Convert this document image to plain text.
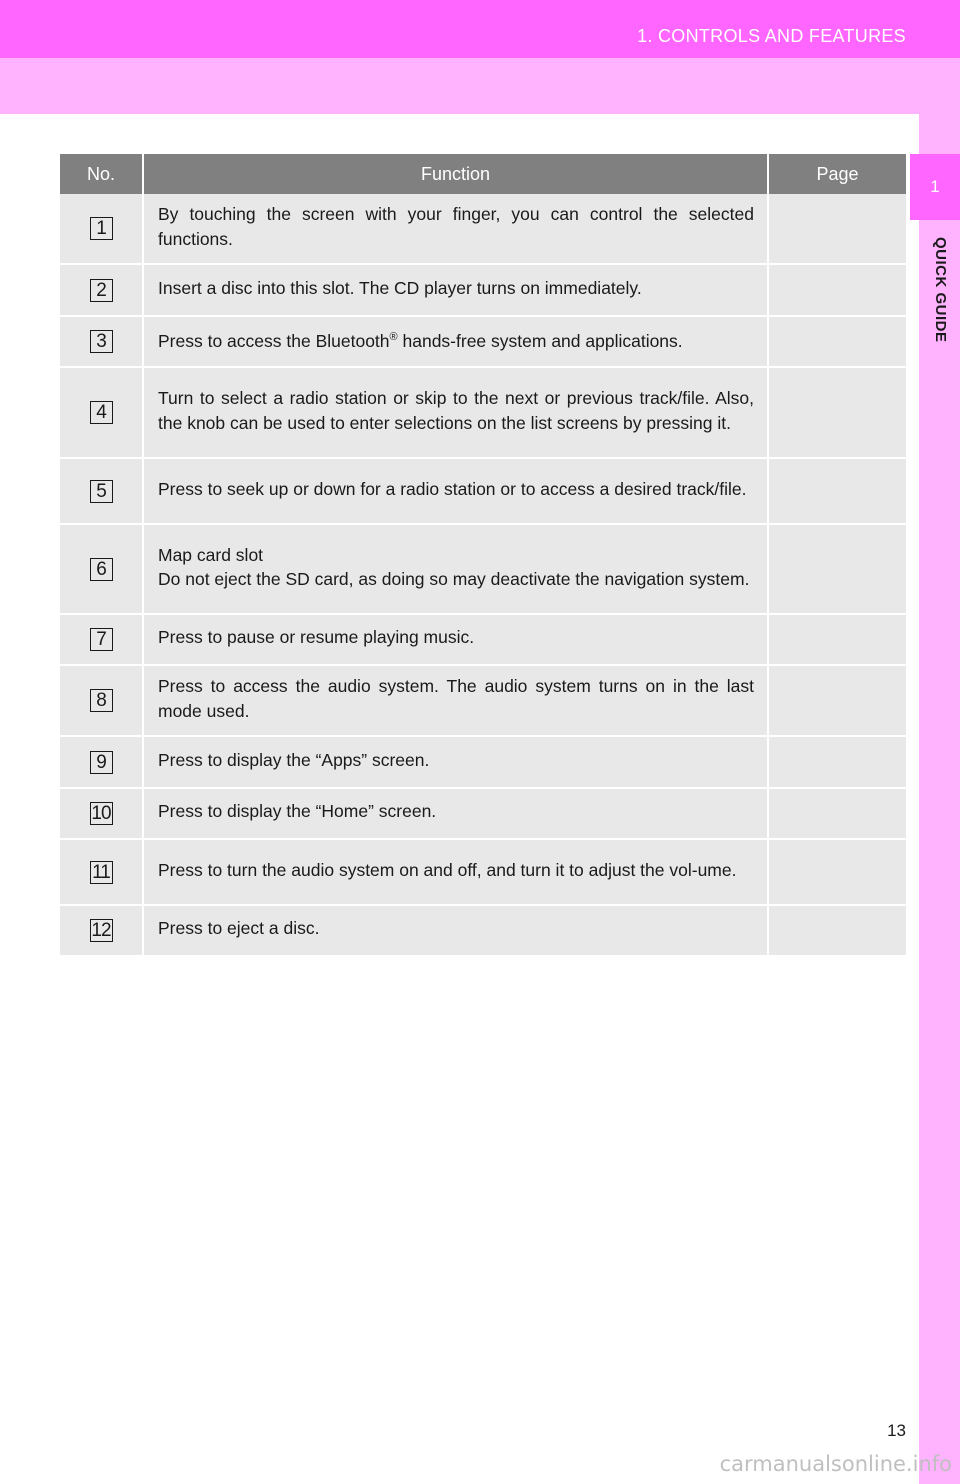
1. CONTROLS AND FEATURES
1
QUICK GUIDE
No.	Function	Page
1	By touching the screen with your finger, you can control the selected functions.	
2	Insert a disc into this slot. The CD player turns on immediately.	
3	Press to access the Bluetooth® hands-free system and applications.	
4	Turn to select a radio station or skip to the next or previous track/file. Also, the knob can be used to enter selections on the list screens by pressing it.	
5	Press to seek up or down for a radio station or to access a desired track/file.	
6	Map card slot
Do not eject the SD card, as doing so may deactivate the navigation system.	

7	Press to pause or resume playing music.	
8	Press to access the audio system. The audio system turns on in the last mode used.	
9	Press to display the “Apps” screen.	
10	Press to display the “Home” screen.	
11	Press to turn the audio system on and off, and turn it to adjust the vol-ume.	
12	Press to eject a disc.	
13
carmanualsonline.info
